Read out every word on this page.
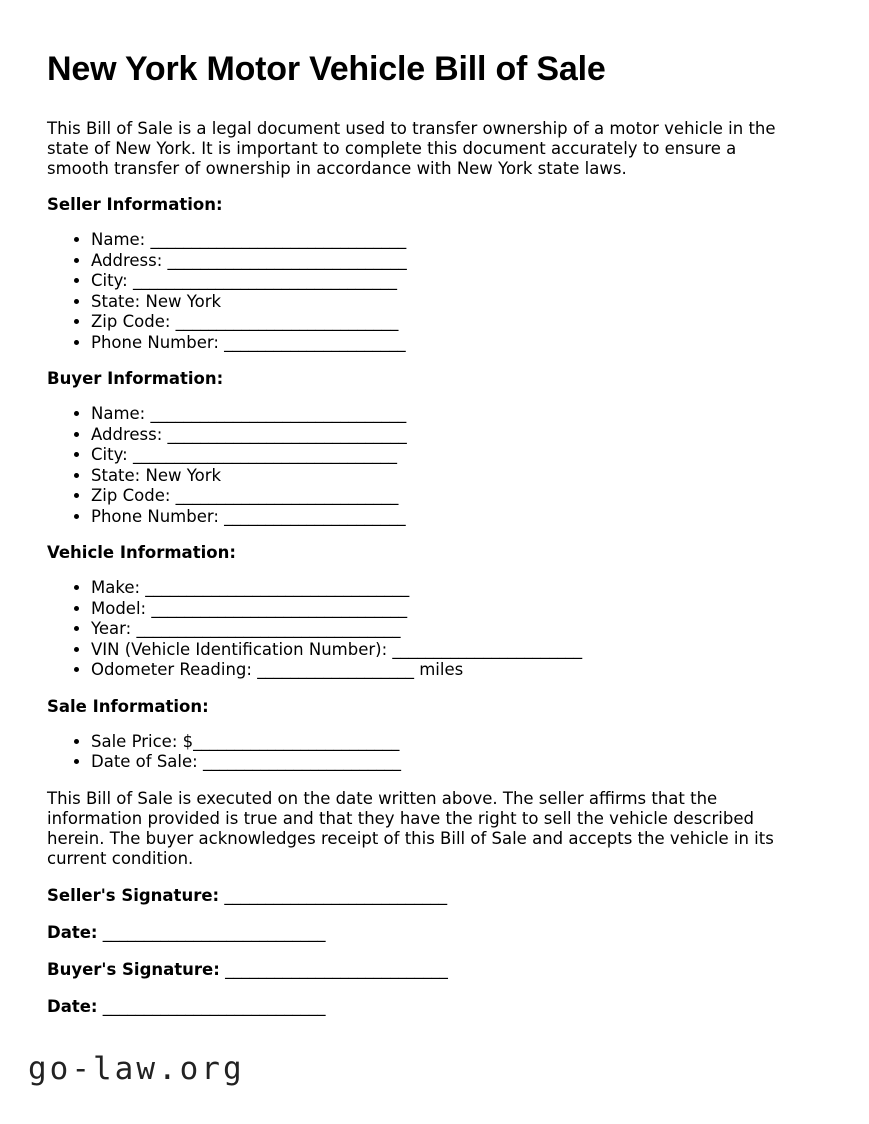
New York Motor Vehicle Bill of Sale

This Bill of Sale is a legal document used to transfer ownership of a motor vehicle in the
state of New York. It is important to complete this document accurately to ensure a
smooth transfer of ownership in accordance with New York state laws.

Seller Information:
• Name: _______________________________
• Address: _____________________________
• City: ________________________________
• State: New York
• Zip Code: ___________________________
• Phone Number: ______________________
Buyer Information:
• Name: _______________________________
• Address: _____________________________
• City: ________________________________
• State: New York
• Zip Code: ___________________________
• Phone Number: ______________________
Vehicle Information:
• Make: ________________________________
• Model: _______________________________
• Year: ________________________________
• VIN (Vehicle Identification Number): _______________________
• Odometer Reading: ___________________ miles
Sale Information:
• Sale Price: $_________________________
• Date of Sale: ________________________

This Bill of Sale is executed on the date written above. The seller affirms that the
information provided is true and that they have the right to sell the vehicle described
herein. The buyer acknowledges receipt of this Bill of Sale and accepts the vehicle in its
current condition.

Seller's Signature: ___________________________

Date: ___________________________

Buyer's Signature: ___________________________

Date: ___________________________

go-law.org
